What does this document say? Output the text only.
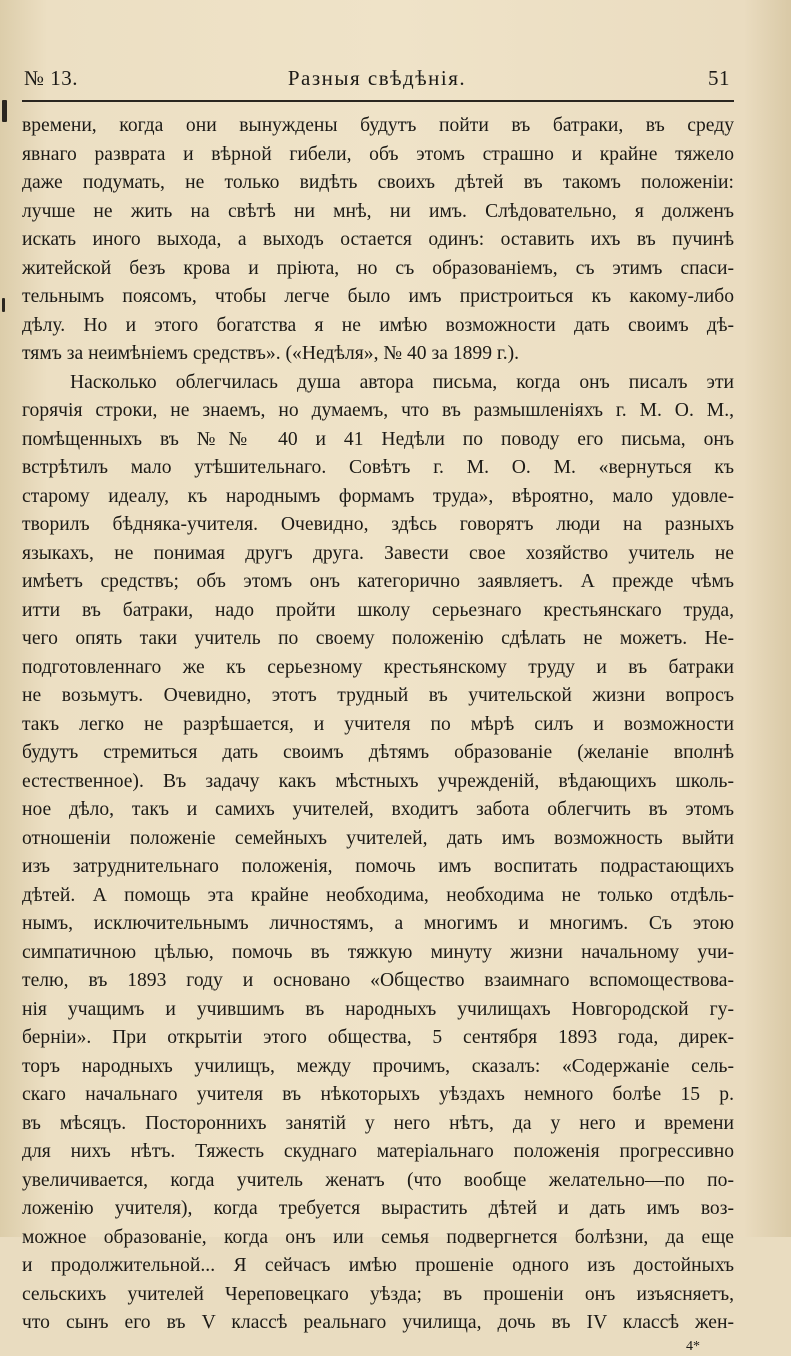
№ 13.	Разныя свѣдѣнія.	51
времени, когда они вынуждены будутъ пойти въ батраки, въ среду
явнаго разврата и вѣрной гибели, объ этомъ страшно и крайне тяжело
даже подумать, не только видѣть своихъ дѣтей въ такомъ положеніи:
лучше не жить на свѣтѣ ни мнѣ, ни имъ. Слѣдовательно, я долженъ
искать иного выхода, а выходъ остается одинъ: оставить ихъ въ пучинѣ
житейской безъ крова и пріюта, но съ образованіемъ, съ этимъ спаси-
тельнымъ поясомъ, чтобы легче было имъ пристроиться къ какому-либо
дѣлу. Но и этого богатства я не имѣю возможности дать своимъ дѣ-
тямъ за неимѣніемъ средствъ». («Недѣля», № 40 за 1899 г.).
Насколько облегчилась душа автора письма, когда онъ писалъ эти
горячія строки, не знаемъ, но думаемъ, что въ размышленіяхъ г. М. О. М.,
помѣщенныхъ въ №№ 40 и 41 Недѣли по поводу его письма, онъ
встрѣтилъ мало утѣшительнаго. Совѣтъ г. М. О. М. «вернуться къ
старому идеалу, къ народнымъ формамъ труда», вѣроятно, мало удовле-
творилъ бѣдняка-учителя. Очевидно, здѣсь говорятъ люди на разныхъ
языкахъ, не понимая другъ друга. Завести свое хозяйство учитель не
имѣетъ средствъ; объ этомъ онъ категорично заявляетъ. А прежде чѣмъ
итти въ батраки, надо пройти школу серьезнаго крестьянскаго труда,
чего опять таки учитель по своему положенію сдѣлать не можетъ. Не-
подготовленнаго же къ серьезному крестьянскому труду и въ батраки
не возьмутъ. Очевидно, этотъ трудный въ учительской жизни вопросъ
такъ легко не разрѣшается, и учителя по мѣрѣ силъ и возможности
будутъ стремиться дать своимъ дѣтямъ образованіе (желаніе вполнѣ
естественное). Въ задачу какъ мѣстныхъ учрежденій, вѣдающихъ школь-
ное дѣло, такъ и самихъ учителей, входитъ забота облегчить въ этомъ
отношеніи положеніе семейныхъ учителей, дать имъ возможность выйти
изъ затруднительнаго положенія, помочь имъ воспитать подрастающихъ
дѣтей. А помощь эта крайне необходима, необходима не только отдѣль-
нымъ, исключительнымъ личностямъ, а многимъ и многимъ. Съ этою
симпатичною цѣлью, помочь въ тяжкую минуту жизни начальному учи-
телю, въ 1893 году и основано «Общество взаимнаго вспомоществова-
нія учащимъ и учившимъ въ народныхъ училищахъ Новгородской гу-
берніи». При открытіи этого общества, 5 сентября 1893 года, дирек-
торъ народныхъ училищъ, между прочимъ, сказалъ: «Содержаніе сель-
скаго начальнаго учителя въ нѣкоторыхъ уѣздахъ немного болѣе 15 р.
въ мѣсяцъ. Постороннихъ занятій у него нѣтъ, да у него и времени
для нихъ нѣтъ. Тяжесть скуднаго матеріальнаго положенія прогрессивно
увеличивается, когда учитель женатъ (что вообще желательно—по по-
ложенію учителя), когда требуется вырастить дѣтей и дать имъ воз-
можное образованіе, когда онъ или семья подвергнется болѣзни, да еще
и продолжительной... Я сейчасъ имѣю прошеніе одного изъ достойныхъ
сельскихъ учителей Череповецкаго уѣзда; въ прошеніи онъ изъясняетъ,
что сынъ его въ V классѣ реальнаго училища, дочь въ IV классѣ жен-
4*
